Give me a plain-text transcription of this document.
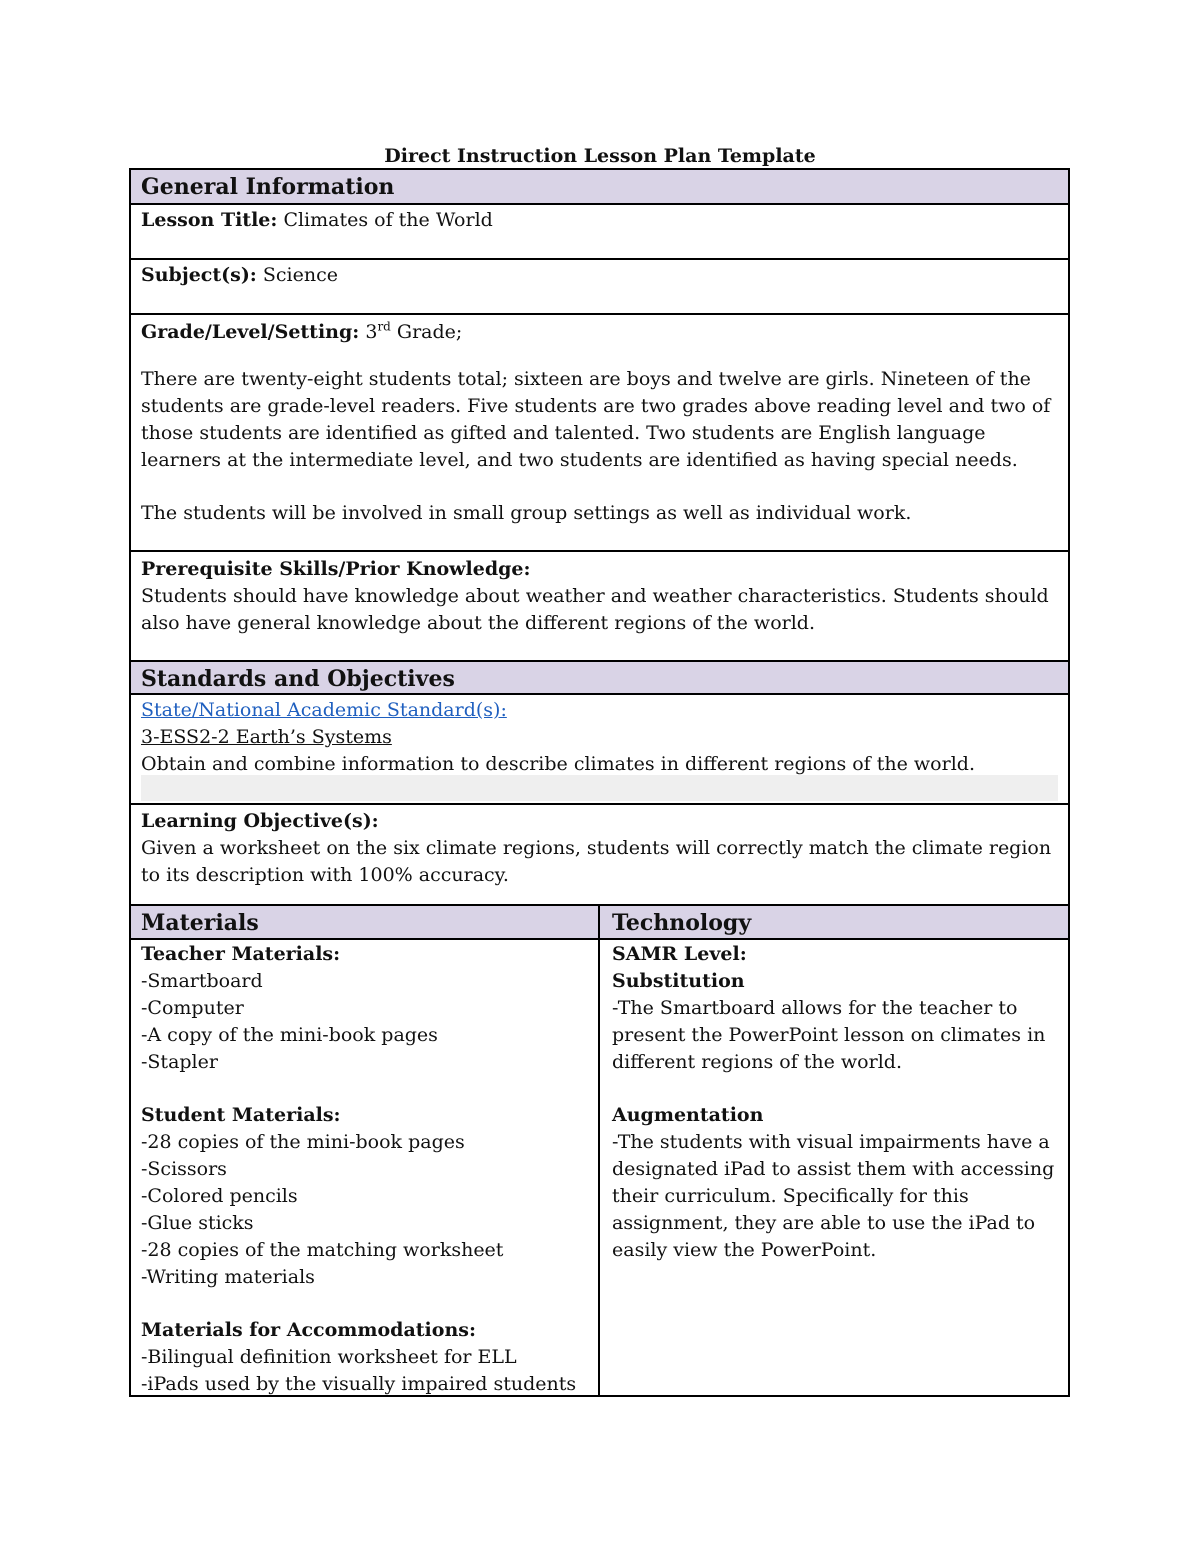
Direct Instruction Lesson Plan Template
General Information
Lesson Title: Climates of the World
Subject(s): Science

Grade/Level/Setting: 3rd Grade;

There are twenty-eight students total; sixteen are boys and twelve are girls. Nineteen of the students are grade-level readers. Five students are two grades above reading level and two of those students are identified as gifted and talented. Two students are English language learners at the intermediate level, and two students are identified as having special needs.

The students will be involved in small group settings as well as individual work.

Prerequisite Skills/Prior Knowledge:

Students should have knowledge about weather and weather characteristics. Students should also have general knowledge about the different regions of the world.

Standards and Objectives

State/National Academic Standard(s):

3-ESS2-2 Earth’s Systems

Obtain and combine information to describe climates in different regions of the world.

Learning Objective(s):

Given a worksheet on the six climate regions, students will correctly match the climate region to its description with 100% accuracy.

Materials	Technology

Teacher Materials:

-Smartboard

-Computer

-A copy of the mini-book pages

-Stapler

Student Materials:

-28 copies of the mini-book pages

-Scissors

-Colored pencils

-Glue sticks

-28 copies of the matching worksheet

-Writing materials

Materials for Accommodations:

-Bilingual definition worksheet for ELL

-iPads used by the visually impaired students

SAMR Level:

Substitution

-The Smartboard allows for the teacher to present the PowerPoint lesson on climates in different regions of the world.

Augmentation

-The students with visual impairments have a designated iPad to assist them with accessing their curriculum. Specifically for this assignment, they are able to use the iPad to easily view the PowerPoint.
